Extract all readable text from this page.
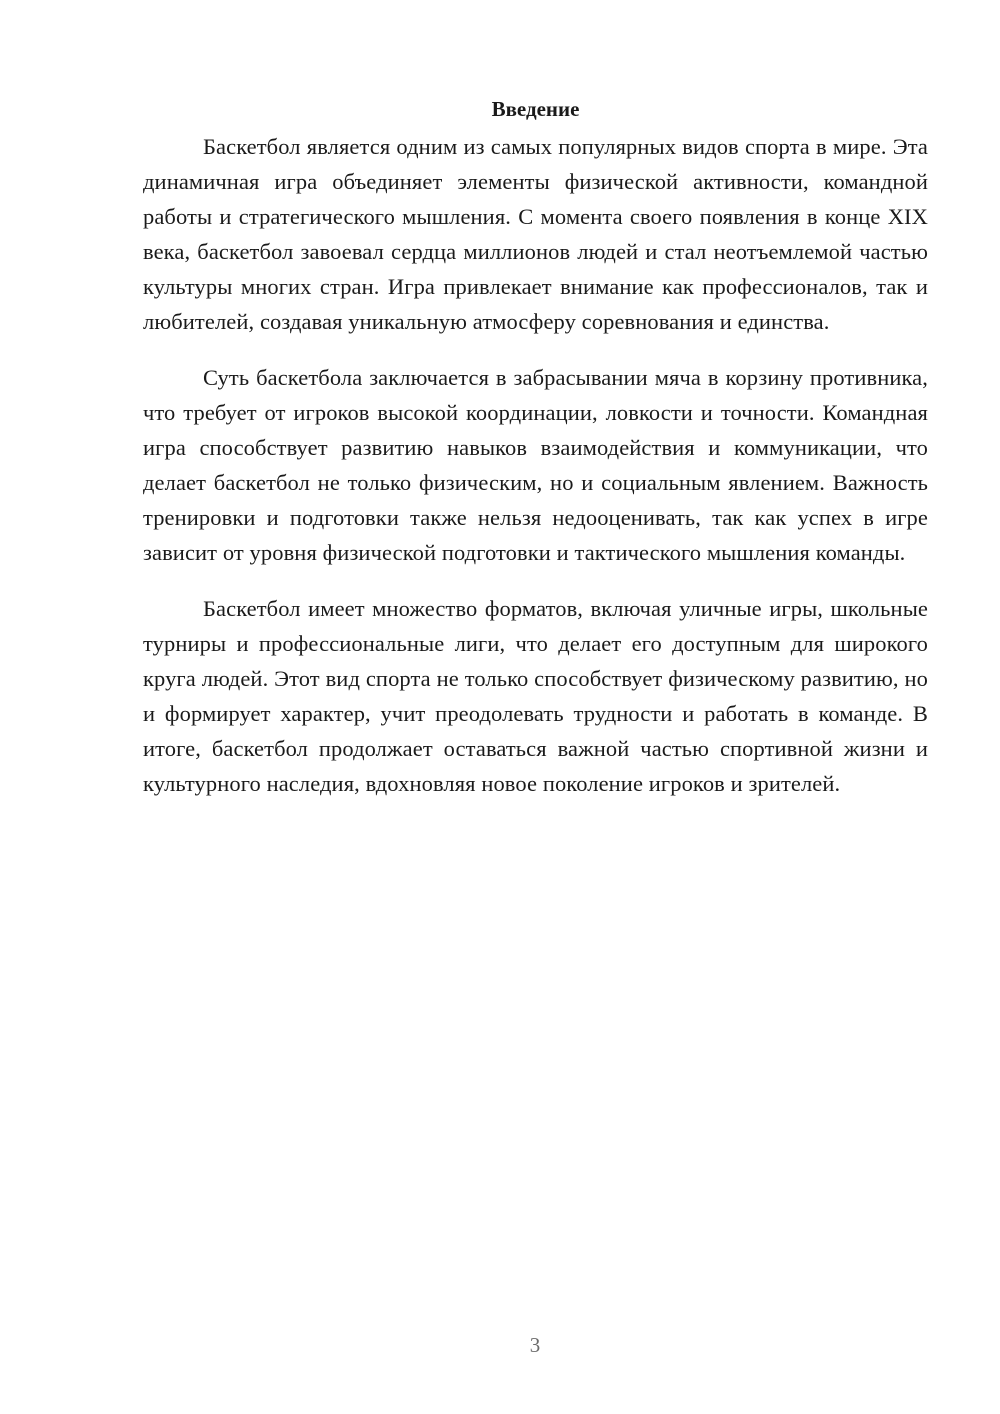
Введение

Баскетбол является одним из самых популярных видов спорта в мире. Эта динамичная игра объединяет элементы физической активности, командной работы и стратегического мышления. С момента своего появления в конце XIX века, баскетбол завоевал сердца миллионов людей и стал неотъемлемой частью культуры многих стран. Игра привлекает внимание как профессионалов, так и любителей, создавая уникальную атмосферу соревнования и единства.

Суть баскетбола заключается в забрасывании мяча в корзину противника, что требует от игроков высокой координации, ловкости и точности. Командная игра способствует развитию навыков взаимодействия и коммуникации, что делает баскетбол не только физическим, но и социальным явлением. Важность тренировки и подготовки также нельзя недооценивать, так как успех в игре зависит от уровня физической подготовки и тактического мышления команды.

Баскетбол имеет множество форматов, включая уличные игры, школьные турниры и профессиональные лиги, что делает его доступным для широкого круга людей. Этот вид спорта не только способствует физическому развитию, но и формирует характер, учит преодолевать трудности и работать в команде. В итоге, баскетбол продолжает оставаться важной частью спортивной жизни и культурного наследия, вдохновляя новое поколение игроков и зрителей.

3
